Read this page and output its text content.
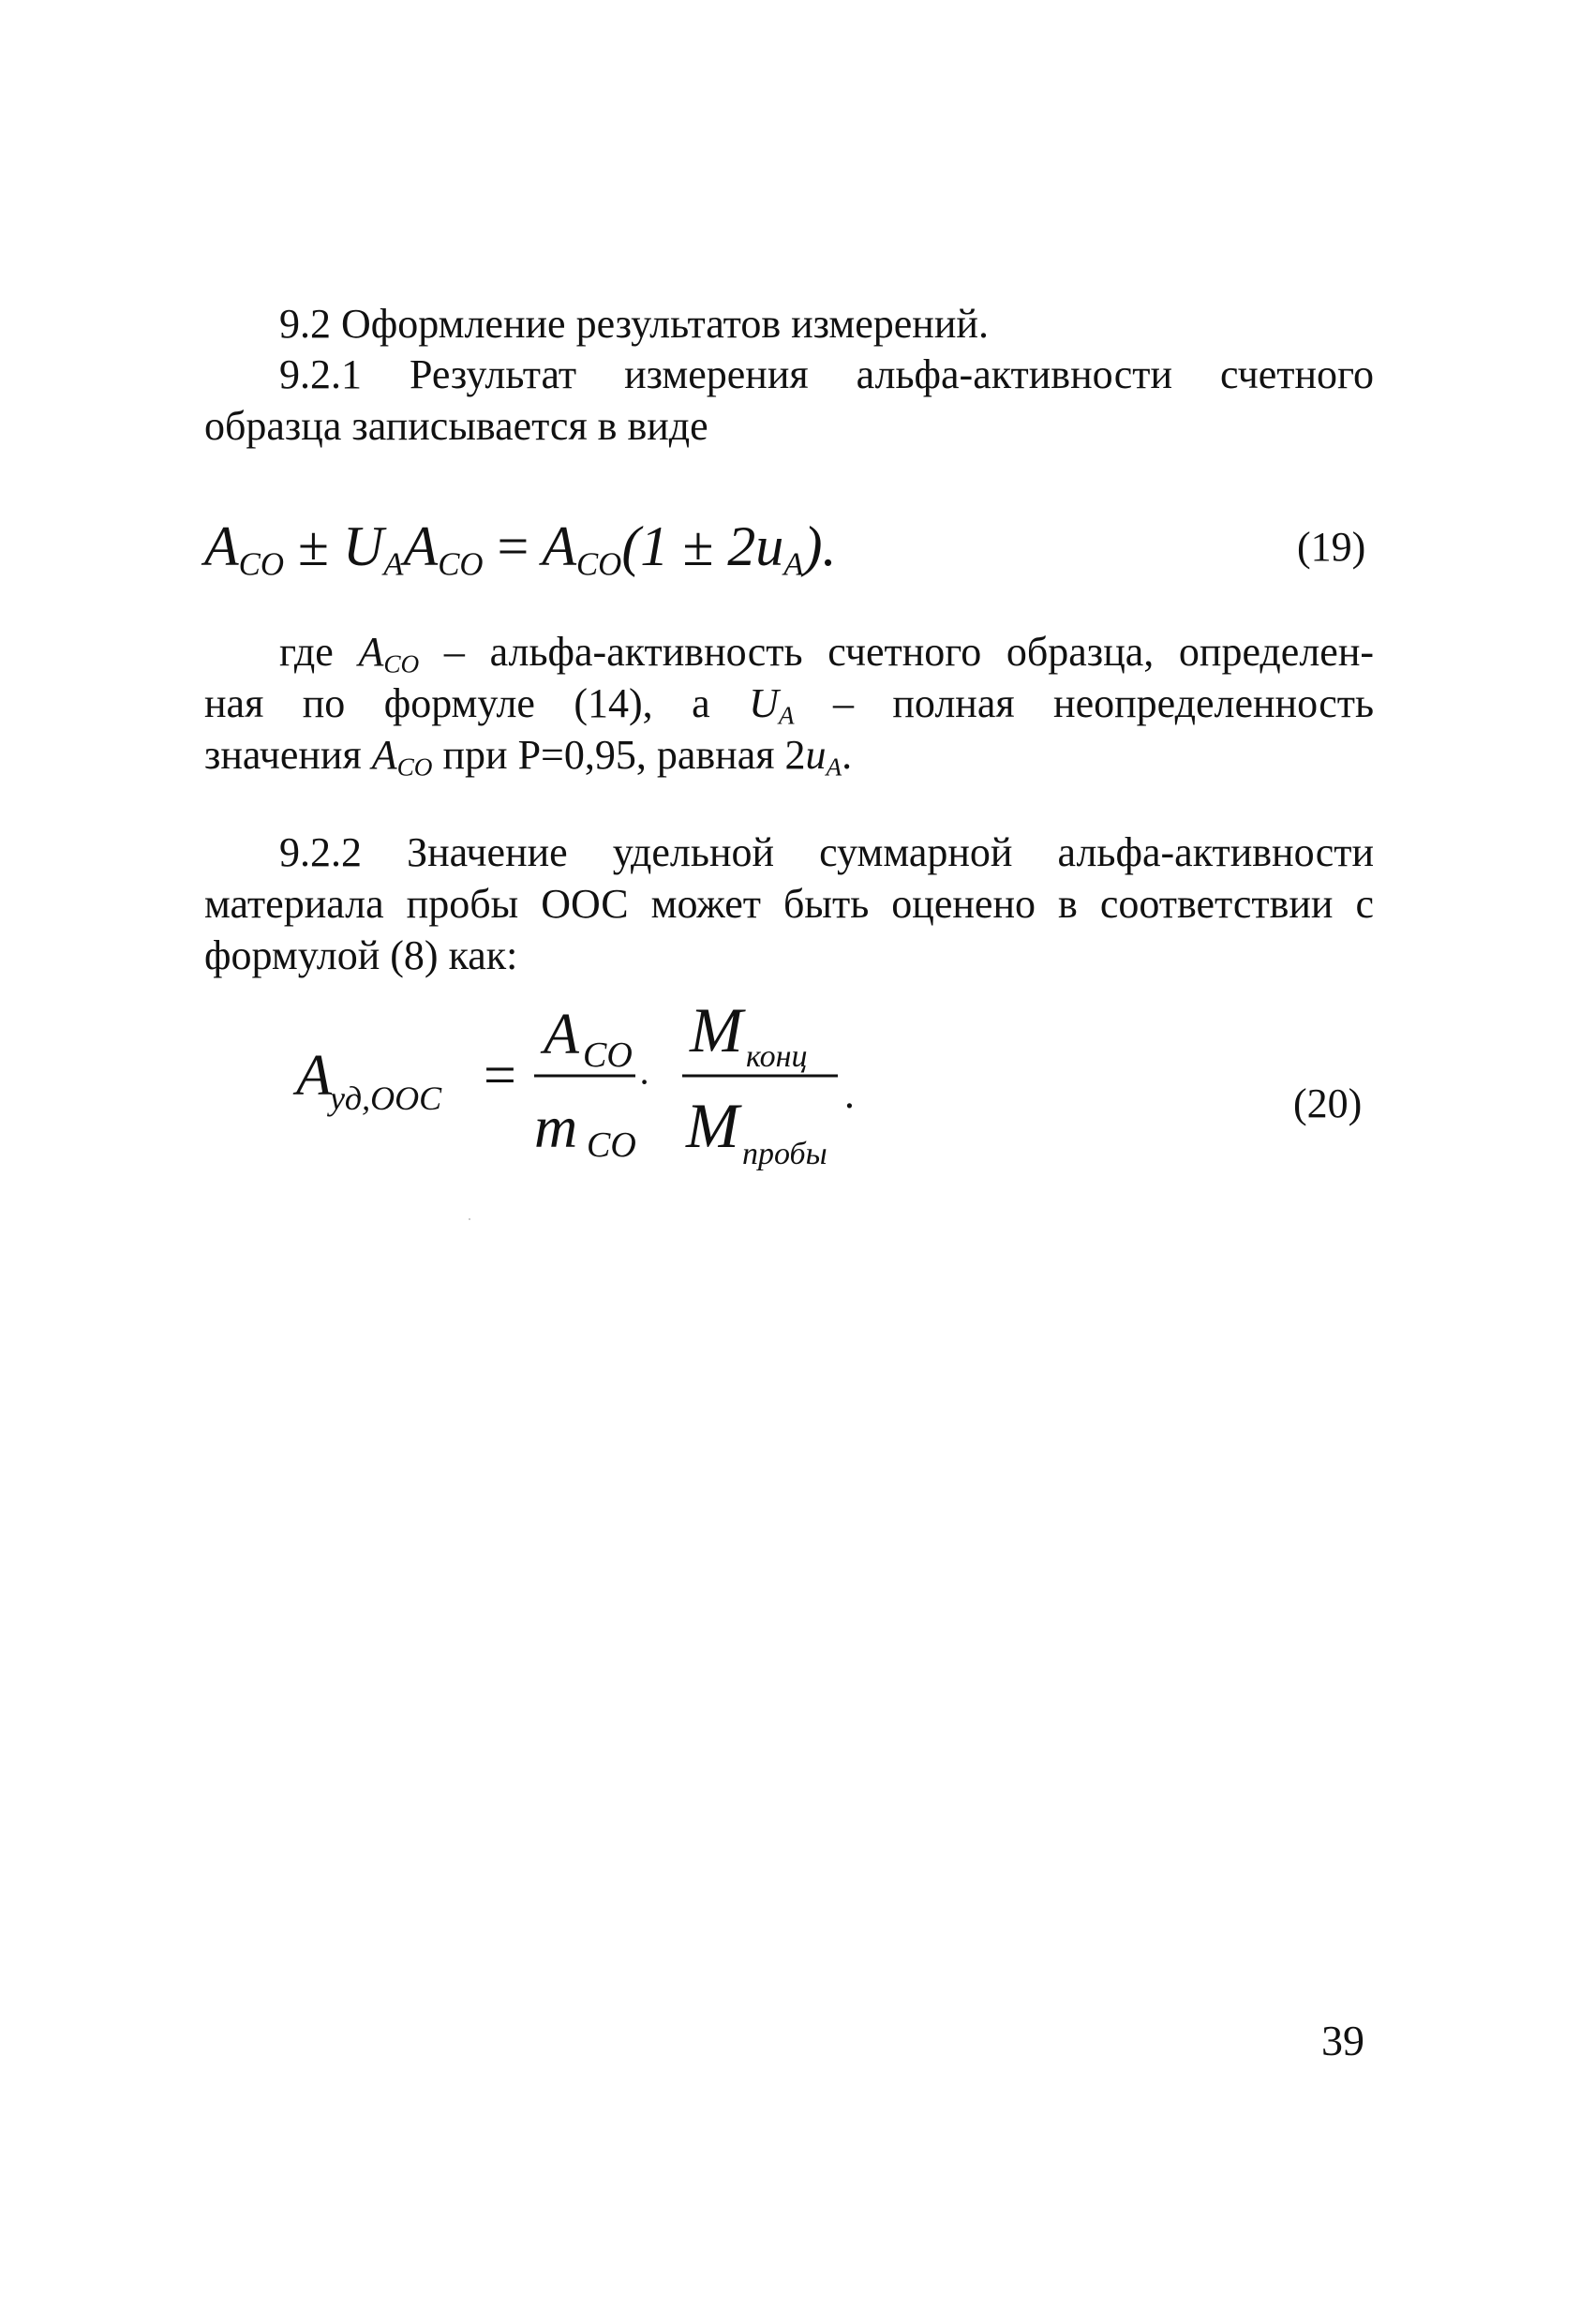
9.2 Оформление результатов измерений.
9.2.1 Результат измерения альфа-активности счетного
образца записывается в виде
$A_{CO} \pm U_AA_{CO} = A_{CO}(1 \pm 2u_A)$.	(19)
где $A_{CO}$ – альфа-активность счетного образца, определен-
ная по формуле (14), а $U_A$ – полная неопределенность
значения $A_{CO}$ при P=0,95, равная $2u_A$.
9.2.2 Значение удельной суммарной альфа-активности
материала пробы ООС может быть оценено в соответствии с
формулой (8) как:
A
уд,ООС =
A CO
m CO
·
M конц
M пробы
.	(20)
39
